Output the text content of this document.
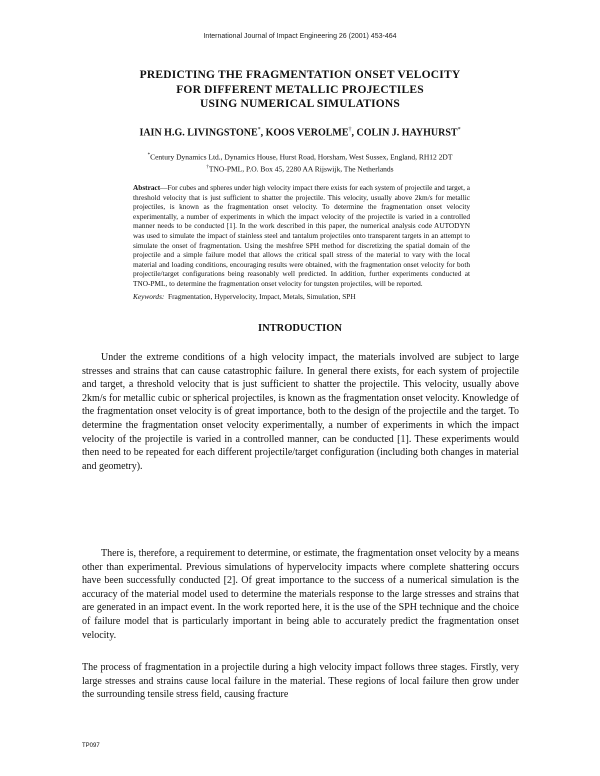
International Journal of Impact Engineering 26 (2001) 453-464
PREDICTING THE FRAGMENTATION ONSET VELOCITY
FOR DIFFERENT METALLIC PROJECTILES
USING NUMERICAL SIMULATIONS
IAIN H.G. LIVINGSTONE*, KOOS VEROLME†, COLIN J. HAYHURST*
*Century Dynamics Ltd., Dynamics House, Hurst Road, Horsham, West Sussex, England, RH12 2DT
†TNO-PML, P.O. Box 45, 2280 AA Rijswijk, The Netherlands
Abstract—For cubes and spheres under high velocity impact there exists for each system of projectile and target, a threshold velocity that is just sufficient to shatter the projectile. This velocity, usually above 2km/s for metallic projectiles, is known as the fragmentation onset velocity. To determine the fragmentation onset velocity experimentally, a number of experiments in which the impact velocity of the projectile is varied in a controlled manner needs to be conducted [1]. In the work described in this paper, the numerical analysis code AUTODYN was used to simulate the impact of stainless steel and tantalum projectiles onto transparent targets in an attempt to simulate the onset of fragmentation. Using the meshfree SPH method for discretizing the spatial domain of the projectile and a simple failure model that allows the critical spall stress of the material to vary with the local material and loading conditions, encouraging results were obtained, with the fragmentation onset velocity for both projectile/target configurations being reasonably well predicted. In addition, further experiments conducted at TNO-PML, to determine the fragmentation onset velocity for tungsten projectiles, will be reported.
Keywords: Fragmentation, Hypervelocity, Impact, Metals, Simulation, SPH
INTRODUCTION
Under the extreme conditions of a high velocity impact, the materials involved are subject to large stresses and strains that can cause catastrophic failure. In general there exists, for each system of projectile and target, a threshold velocity that is just sufficient to shatter the projectile. This velocity, usually above 2km/s for metallic cubic or spherical projectiles, is known as the fragmentation onset velocity. Knowledge of the fragmentation onset velocity is of great importance, both to the design of the projectile and the target. To determine the fragmentation onset velocity experimentally, a number of experiments in which the impact velocity of the projectile is varied in a controlled manner, can be conducted [1]. These experiments would then need to be repeated for each different projectile/target configuration (including both changes in material and geometry).
There is, therefore, a requirement to determine, or estimate, the fragmentation onset velocity by a means other than experimental. Previous simulations of hypervelocity impacts where complete shattering occurs have been successfully conducted [2]. Of great importance to the success of a numerical simulation is the accuracy of the material model used to determine the materials response to the large stresses and strains that are generated in an impact event. In the work reported here, it is the use of the SPH technique and the choice of failure model that is particularly important in being able to accurately predict the fragmentation onset velocity.
The process of fragmentation in a projectile during a high velocity impact follows three stages. Firstly, very large stresses and strains cause local failure in the material. These regions of local failure then grow under the surrounding tensile stress field, causing fracture
TP097
